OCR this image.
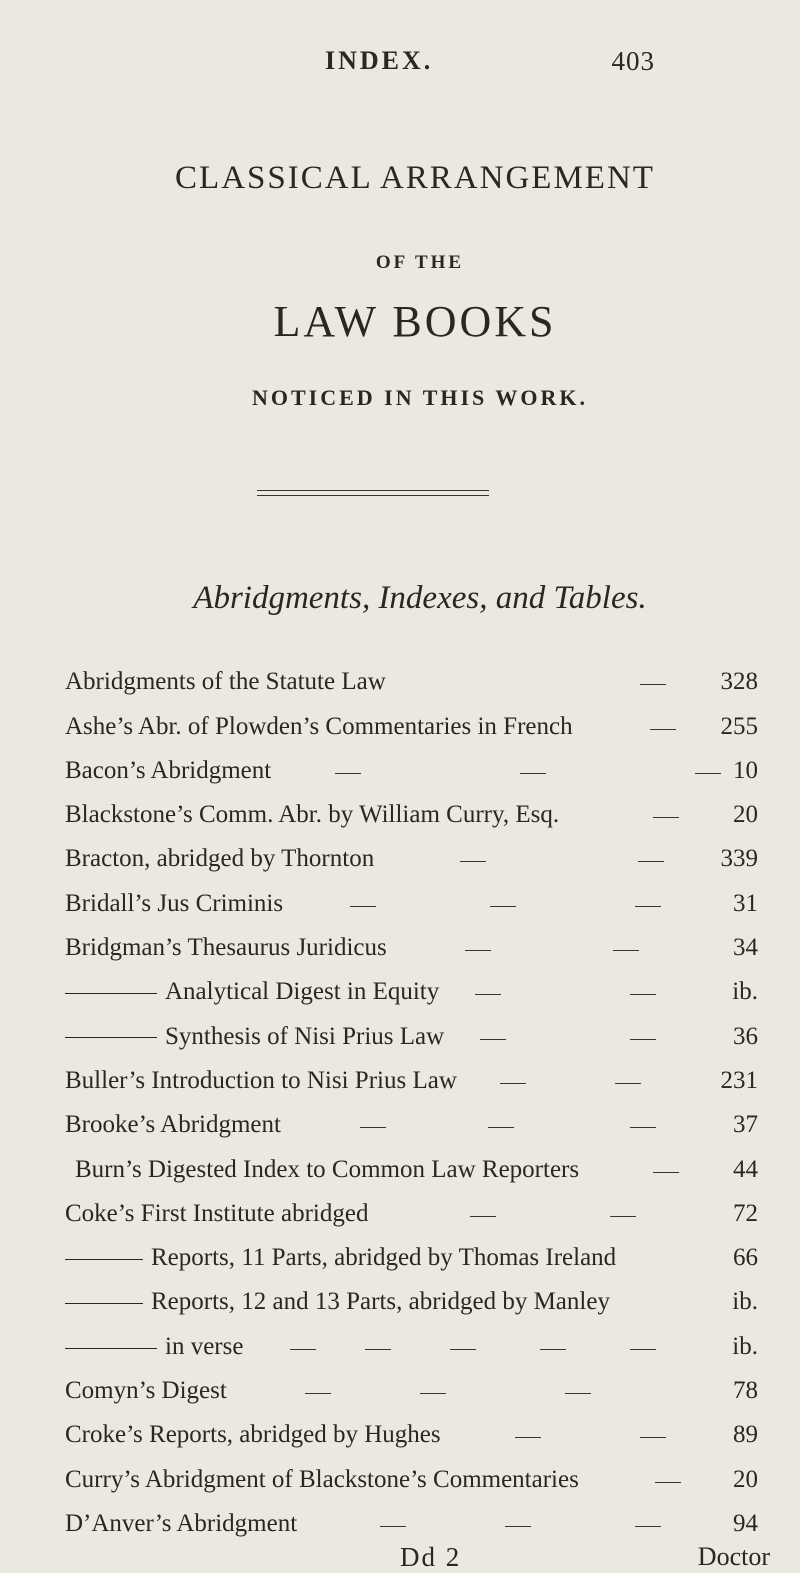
INDEX.	403
CLASSICAL ARRANGEMENT
OF THE
LAW BOOKS
NOTICED IN THIS WORK.
Abridgments, Indexes, and Tables.
Abridgments of the Statute Law	328
Ashe’s Abr. of Plowden’s Commentaries in French	255
Bacon’s Abridgment	10
Blackstone’s Comm. Abr. by William Curry, Esq.	20
Bracton, abridged by Thornton	339
Bridall’s Jus Criminis	31
Bridgman’s Thesaurus Juridicus	34
Analytical Digest in Equity	ib.
Synthesis of Nisi Prius Law	36
Buller’s Introduction to Nisi Prius Law	231
Brooke’s Abridgment	37
Burn’s Digested Index to Common Law Reporters	44
Coke’s First Institute abridged	72
Reports, 11 Parts, abridged by Thomas Ireland	66
Reports, 12 and 13 Parts, abridged by Manley	ib.
in verse	ib.
Comyn’s Digest	78
Croke’s Reports, abridged by Hughes	89
Curry’s Abridgment of Blackstone’s Commentaries	20
D’Anver’s Abridgment	94
Dd 2	Doctor
